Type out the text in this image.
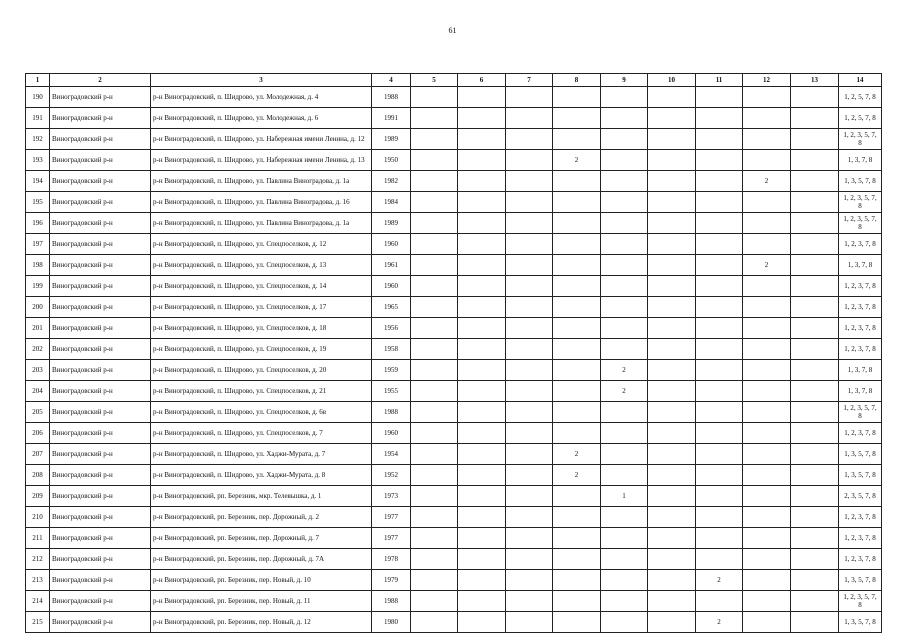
61
1	2	3	4	5	6	7	8	9	10	11	12	13	14
190	Виноградовский р-н	р-н Виноградовский, п. Шидрово, ул. Молодежная, д. 4	1988										1, 2, 5, 7, 8
191	Виноградовский р-н	р-н Виноградовский, п. Шидрово, ул. Молодежная, д. 6	1991										1, 2, 5, 7, 8
192	Виноградовский р-н	р-н Виноградовский, п. Шидрово, ул. Набережная имени Ленина, д. 12	1989										1, 2, 3, 5, 7, 8
193	Виноградовский р-н	р-н Виноградовский, п. Шидрово, ул. Набережная имени Ленина, д. 13	1950				2						1, 3, 7, 8
194	Виноградовский р-н	р-н Виноградовский, п. Шидрово, ул. Павлина Виноградова, д. 1а	1982								2		1, 3, 5, 7, 8
195	Виноградовский р-н	р-н Виноградовский, п. Шидрово, ул. Павлина Виноградова, д. 16	1984										1, 2, 3, 5, 7, 8
196	Виноградовский р-н	р-н Виноградовский, п. Шидрово, ул. Павлина Виноградова, д. 1а	1989										1, 2, 3, 5, 7, 8
197	Виноградовский р-н	р-н Виноградовский, п. Шидрово, ул. Спецпоселков, д. 12	1960										1, 2, 3, 7, 8
198	Виноградовский р-н	р-н Виноградовский, п. Шидрово, ул. Спецпоселков, д. 13	1961								2		1, 3, 7, 8
199	Виноградовский р-н	р-н Виноградовский, п. Шидрово, ул. Спецпоселков, д. 14	1960										1, 2, 3, 7, 8
200	Виноградовский р-н	р-н Виноградовский, п. Шидрово, ул. Спецпоселков, д. 17	1965										1, 2, 3, 7, 8
201	Виноградовский р-н	р-н Виноградовский, п. Шидрово, ул. Спецпоселков, д. 18	1956										1, 2, 3, 7, 8
202	Виноградовский р-н	р-н Виноградовский, п. Шидрово, ул. Спецпоселков, д. 19	1958										1, 2, 3, 7, 8
203	Виноградовский р-н	р-н Виноградовский, п. Шидрово, ул. Спецпоселков, д. 20	1959					2					1, 3, 7, 8
204	Виноградовский р-н	р-н Виноградовский, п. Шидрово, ул. Спецпоселков, д. 21	1955					2					1, 3, 7, 8
205	Виноградовский р-н	р-н Виноградовский, п. Шидрово, ул. Спецпоселков, д. 6в	1988										1, 2, 3, 5, 7, 8
206	Виноградовский р-н	р-н Виноградовский, п. Шидрово, ул. Спецпоселков, д. 7	1960										1, 2, 3, 7, 8
207	Виноградовский р-н	р-н Виноградовский, п. Шидрово, ул. Хаджи-Мурата, д. 7	1954				2						1, 3, 5, 7, 8
208	Виноградовский р-н	р-н Виноградовский, п. Шидрово, ул. Хаджи-Мурата, д. 8	1952				2						1, 3, 5, 7, 8
209	Виноградовский р-н	р-н Виноградовский, рп. Березник, мкр. Телевышка, д. 1	1973					1					2, 3, 5, 7, 8
210	Виноградовский р-н	р-н Виноградовский, рп. Березник, пер. Дорожный, д. 2	1977										1, 2, 3, 7, 8
211	Виноградовский р-н	р-н Виноградовский, рп. Березник, пер. Дорожный, д. 7	1977										1, 2, 3, 7, 8
212	Виноградовский р-н	р-н Виноградовский, рп. Березник, пер. Дорожный, д. 7А	1978										1, 2, 3, 7, 8
213	Виноградовский р-н	р-н Виноградовский, рп. Березник, пер. Новый, д. 10	1979							2			1, 3, 5, 7, 8
214	Виноградовский р-н	р-н Виноградовский, рп. Березник, пер. Новый, д. 11	1988										1, 2, 3, 5, 7, 8
215	Виноградовский р-н	р-н Виноградовский, рп. Березник, пер. Новый, д. 12	1980							2			1, 3, 5, 7, 8
